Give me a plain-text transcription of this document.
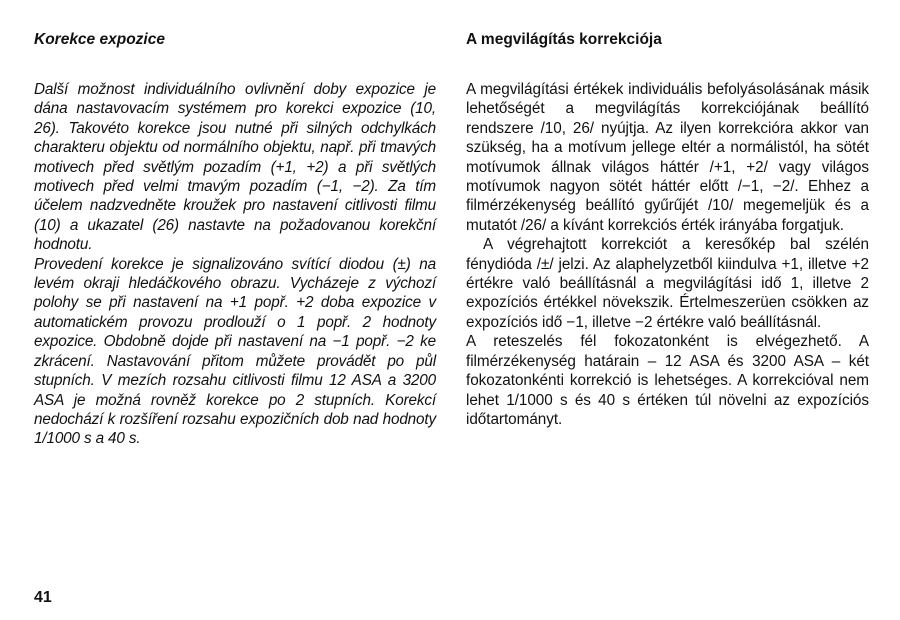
Korekce expozice

Další možnost individuálního ovlivnění doby expozice je dána nastavovacím systémem pro korekci expozice (10, 26). Takovéto korekce jsou nutné při silných odchylkách charakteru objektu od normálního objektu, např. při tmavých motivech před světlým pozadím (+1, +2) a při světlých motivech před velmi tmavým pozadím (−1, −2). Za tím účelem nadzvedněte kroužek pro nastavení citlivosti filmu (10) a ukazatel (26) nastavte na požadovanou korekční hodnotu.

Provedení korekce je signalizováno svítící diodou (±) na levém okraji hledáčkového obrazu. Vycházeje z výchozí polohy se při nastavení na +1 popř. +2 doba expozice v automatickém provozu prodlouží o 1 popř. 2 hodnoty expozice. Obdobně dojde při nastavení na −1 popř. −2 ke zkrácení. Nastavování přitom můžete provádět po půl stupních. V mezích rozsahu citlivosti filmu 12 ASA a 3200 ASA je možná rovněž korekce po 2 stupních. Korekcí nedochází k rozšíření rozsahu expozičních dob nad hodnoty 1/1000 s a 40 s.

A megvilágítás korrekciója

A megvilágítási értékek individuális befolyásolásának másik lehetőségét a megvilágítás korrekciójának beállító rendszere /10, 26/ nyújtja. Az ilyen korrekcióra akkor van szükség, ha a motívum jellege eltér a normálistól, ha sötét motívumok állnak világos háttér /+1, +2/ vagy világos motívumok nagyon sötét háttér előtt /−1, −2/. Ehhez a filmérzékenység beállító gyűrűjét /10/ megemeljük és a mutatót /26/ a kívánt korrekciós érték irányába forgatjuk.

A végrehajtott korrekciót a keresőkép bal szélén fénydióda /±/ jelzi. Az alaphelyzetből kiindulva +1, illetve +2 értékre való beállításnál a megvilágítási idő 1, illetve 2 expozíciós értékkel növekszik. Értelmeszerüen csökken az expozíciós idő −1, illetve −2 értékre való beállításnál.

A reteszelés fél fokozatonként is elvégezhető. A filmérzékenység határain – 12 ASA és 3200 ASA – két fokozatonkénti korrekció is lehetséges. A korrekcióval nem lehet 1/1000 s és 40 s értéken túl növelni az expozíciós időtartományt.

41
